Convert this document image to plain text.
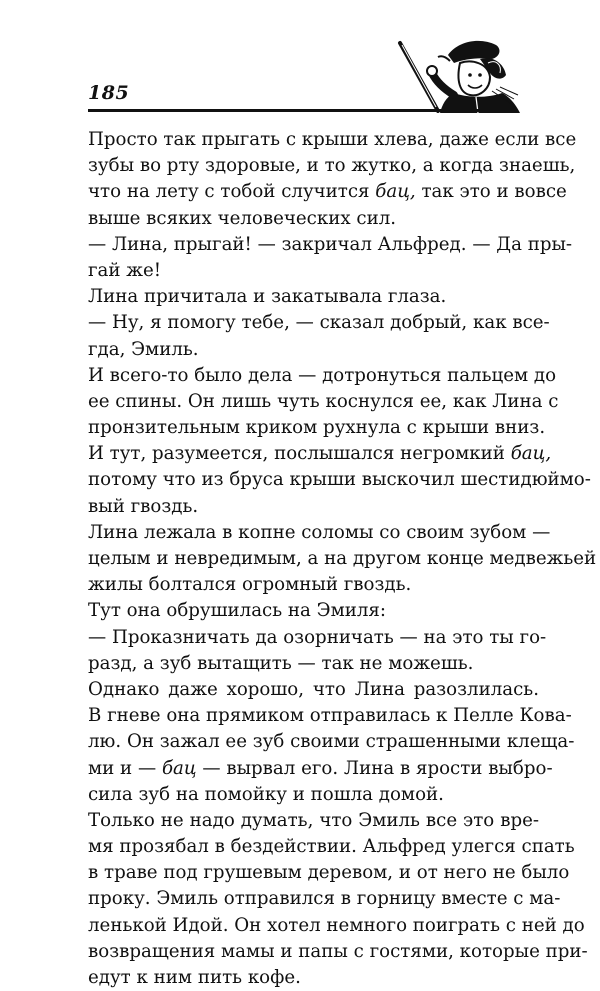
185
Просто так прыгать с крыши хлева, даже если все
зубы во рту здоровые, и то жутко, а когда знаешь,
что на лету с тобой случится бац, так это и вовсе
выше всяких человеческих сил.
— Лина, прыгай! — закричал Альфред. — Да пры-
гай же!
Лина причитала и закатывала глаза.
— Ну, я помогу тебе, — сказал добрый, как все-
гда, Эмиль.
И всего-то было дела — дотронуться пальцем до
ее спины. Он лишь чуть коснулся ее, как Лина с
пронзительным криком рухнула с крыши вниз.
И тут, разумеется, послышался негромкий бац,
потому что из бруса крыши выскочил шестидюймо-
вый гвоздь.
Лина лежала в копне соломы со своим зубом —
целым и невредимым, а на другом конце медвежьей
жилы болтался огромный гвоздь.
Тут она обрушилась на Эмиля:
— Проказничать да озорничать — на это ты го-
разд, а зуб вытащить — так не можешь.
Однако даже хорошо, что Лина разозлилась.
В гневе она прямиком отправилась к Пелле Кова-
лю. Он зажал ее зуб своими страшенными клеща-
ми и — бац — вырвал его. Лина в ярости выбро-
сила зуб на помойку и пошла домой.
Только не надо думать, что Эмиль все это вре-
мя прозябал в бездействии. Альфред улегся спать
в траве под грушевым деревом, и от него не было
проку. Эмиль отправился в горницу вместе с ма-
ленькой Идой. Он хотел немного поиграть с ней до
возвращения мамы и папы с гостями, которые при-
едут к ним пить кофе.
